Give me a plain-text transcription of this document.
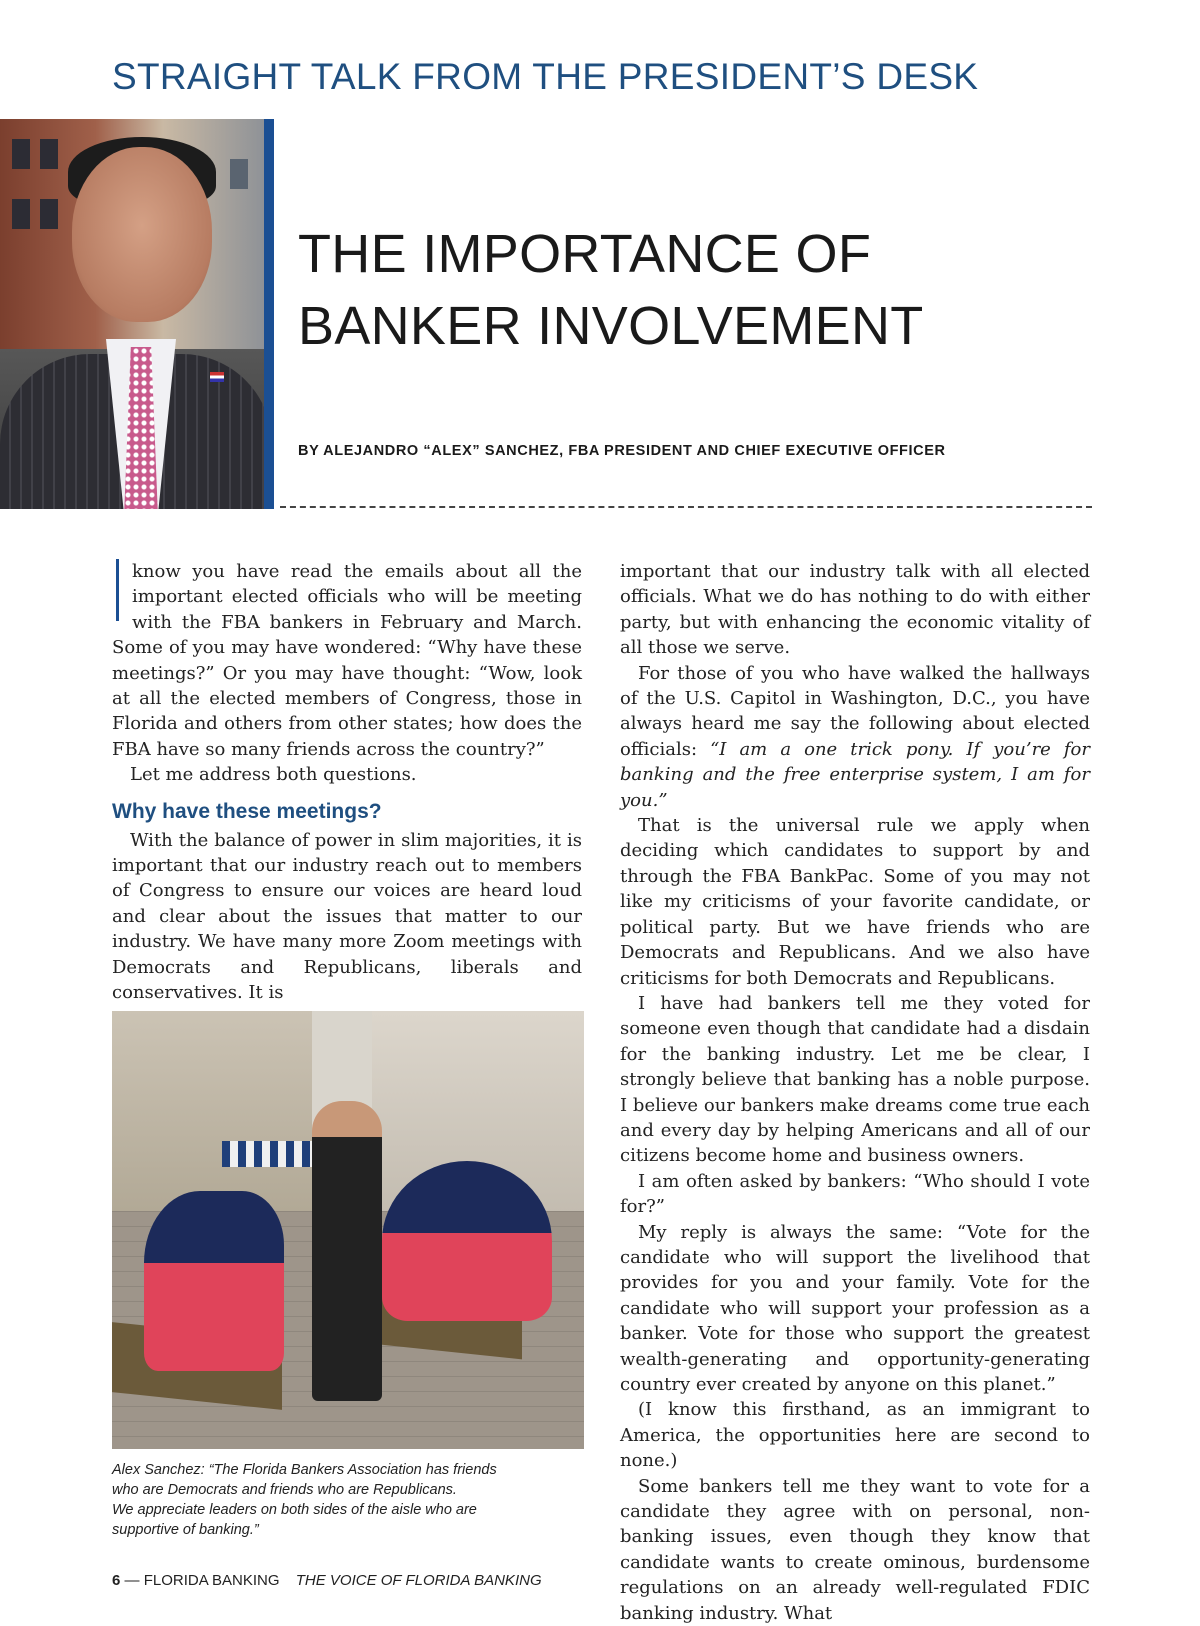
STRAIGHT TALK FROM THE PRESIDENT’S DESK
THE IMPORTANCE OF
BANKER INVOLVEMENT
BY ALEJANDRO “ALEX” SANCHEZ, FBA PRESIDENT AND CHIEF EXECUTIVE OFFICER

know you have read the emails about all the important elected officials who will be meeting with the FBA bankers in February and March. Some of you may have wondered: “Why have these meetings?” Or you may have thought: “Wow, look at all the elected members of Congress, those in Florida and others from other states; how does the FBA have so many friends across the country?”

Let me address both questions.

Why have these meetings?

With the balance of power in slim majorities, it is important that our industry reach out to members of Congress to ensure our voices are heard loud and clear about the issues that matter to our industry. We have many more Zoom meetings with Democrats and Republicans, liberals and conservatives. It is

Alex Sanchez: “The Florida Bankers Association has friends
who are Democrats and friends who are Republicans.
We appreciate leaders on both sides of the aisle who are
supportive of banking.”

important that our industry talk with all elected officials. What we do has nothing to do with either party, but with enhancing the economic vitality of all those we serve.

For those of you who have walked the hallways of the U.S. Capitol in Washington, D.C., you have always heard me say the following about elected officials: “I am a one trick pony. If you’re for banking and the free enterprise system, I am for you.”

That is the universal rule we apply when deciding which candidates to support by and through the FBA BankPac. Some of you may not like my criticisms of your favorite candidate, or political party. But we have friends who are Democrats and Republicans. And we also have criticisms for both Democrats and Republicans.

I have had bankers tell me they voted for someone even though that candidate had a disdain for the banking industry. Let me be clear, I strongly believe that banking has a noble purpose. I believe our bankers make dreams come true each and every day by helping Americans and all of our citizens become home and business owners.

I am often asked by bankers: “Who should I vote for?”

My reply is always the same: “Vote for the candidate who will support the livelihood that provides for you and your family. Vote for the candidate who will support your profession as a banker. Vote for those who support the greatest wealth-generating and opportunity-generating country ever created by anyone on this planet.”

(I know this firsthand, as an immigrant to America, the opportunities here are second to none.)

Some bankers tell me they want to vote for a candidate they agree with on personal, non-banking issues, even though they know that candidate wants to create ominous, burdensome regulations on an already well-regulated FDIC banking industry. What

6 — FLORIDA BANKING THE VOICE OF FLORIDA BANKING
